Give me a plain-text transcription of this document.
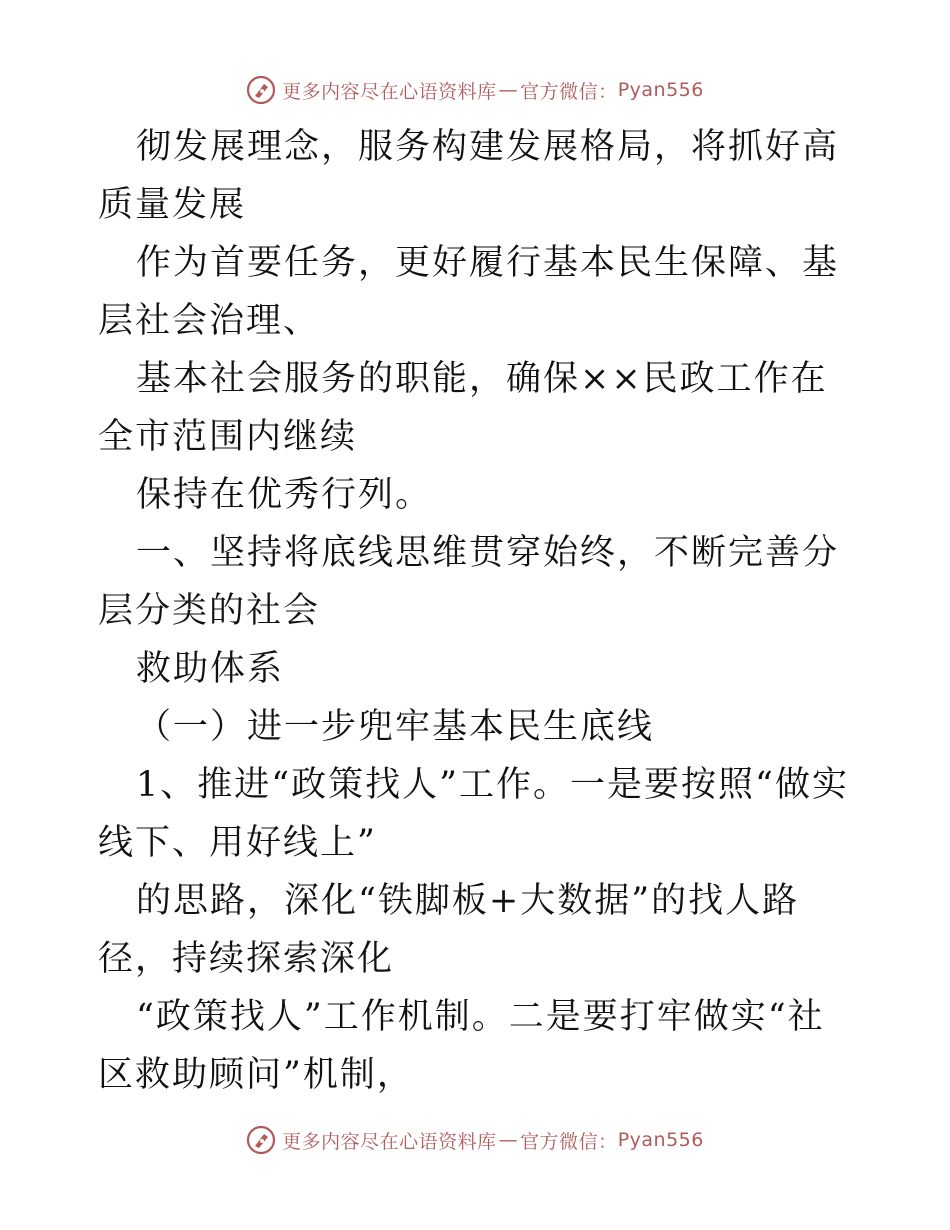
更多内容尽在心语资料库 — 官方微信： Pyan556

彻发展理念，服务构建发展格局，将抓好高质量发展

作为首要任务，更好履行基本民生保障、基层社会治理、

基本社会服务的职能，确保××民政工作在全市范围内继续

保持在优秀行列。

一、坚持将底线思维贯穿始终，不断完善分层分类的社会

救助体系

（一）进一步兜牢基本民生底线

1、推进“政策找人”工作。一是要按照“做实线下、用好线上”

的思路，深化“铁脚板+大数据”的找人路径，持续探索深化

“政策找人”工作机制。二是要打牢做实“社区救助顾问”机制，

更多内容尽在心语资料库 — 官方微信： Pyan556
